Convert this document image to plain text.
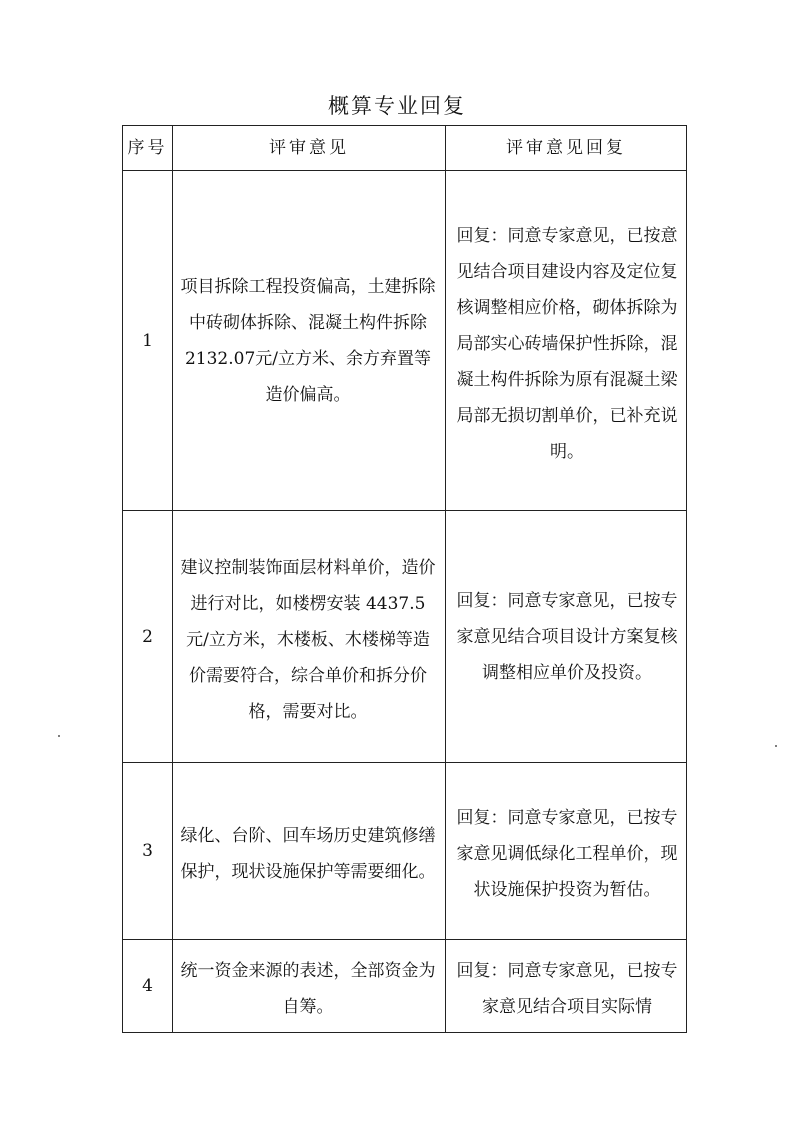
概算专业回复
序号	评审意见	评审意见回复
1	项目拆除工程投资偏高，土建拆除中砖砌体拆除、混凝土构件拆除 2132.07元/立方米、余方弃置等造价偏高。	回复：同意专家意见，已按意见结合项目建设内容及定位复核调整相应价格，砌体拆除为局部实心砖墙保护性拆除，混凝土构件拆除为原有混凝土梁局部无损切割单价，已补充说明。
2	建议控制装饰面层材料单价，造价进行对比，如楼楞安装 4437.5 元/立方米，木楼板、木楼梯等造价需要符合，综合单价和拆分价格，需要对比。	回复：同意专家意见，已按专家意见结合项目设计方案复核调整相应单价及投资。
3	绿化、台阶、回车场历史建筑修缮保护，现状设施保护等需要细化。	回复：同意专家意见，已按专家意见调低绿化工程单价，现状设施保护投资为暂估。
4	统一资金来源的表述，全部资金为自筹。	回复：同意专家意见，已按专家意见结合项目实际情
